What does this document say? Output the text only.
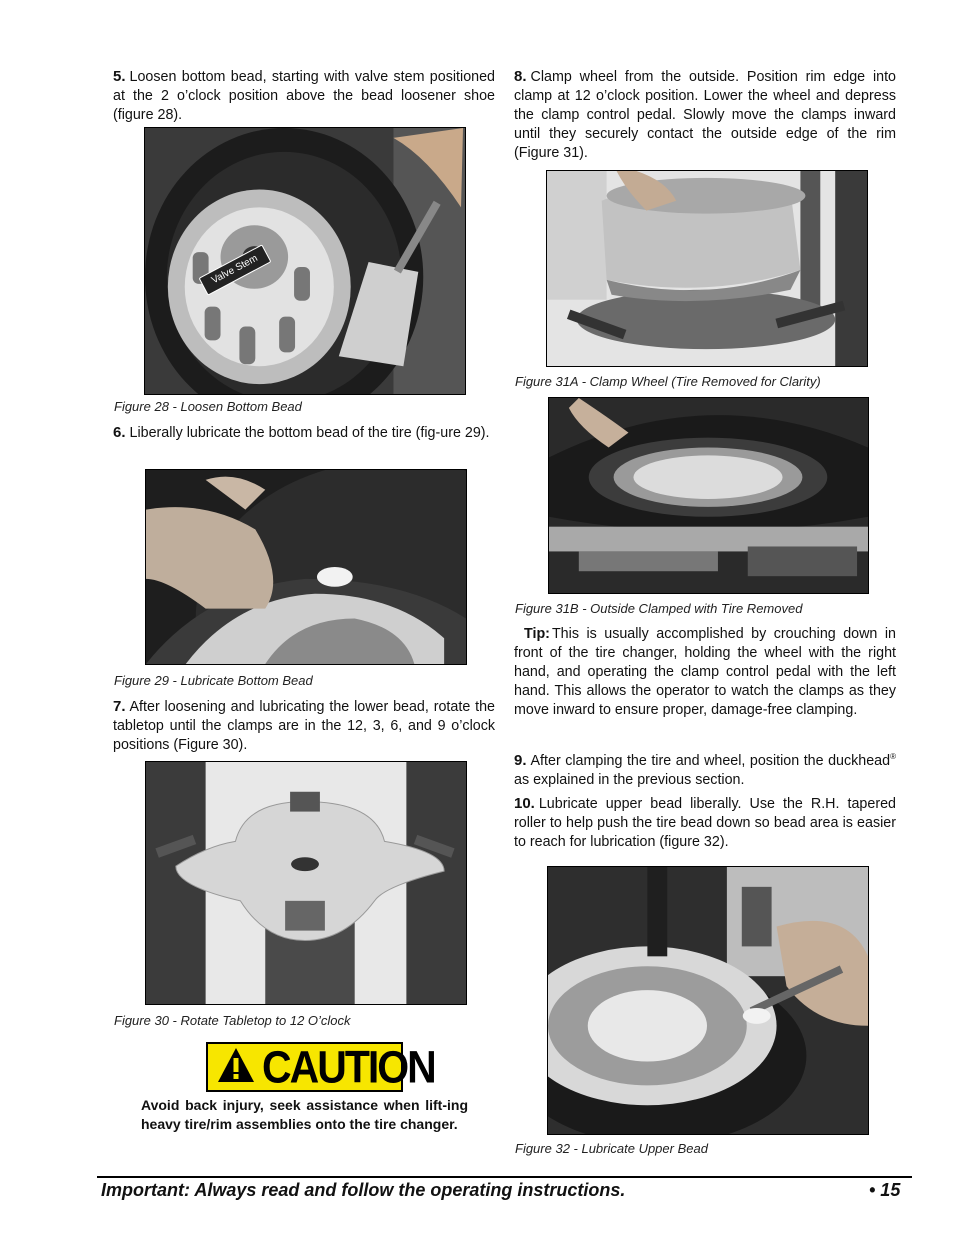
5. Loosen bottom bead, starting with valve stem positioned at the 2 o’clock position above the bead loosener shoe (figure 28).

Valve Stem
Figure 28 - Loosen Bottom Bead

6. Liberally lubricate the bottom bead of the tire (fig-ure 29).

Figure 29 - Lubricate Bottom Bead

7. After loosening and lubricating the lower bead, rotate the tabletop until the clamps are in the 12, 3, 6, and 9 o’clock positions (Figure 30).

Figure 30 - Rotate Tabletop to 12 O’clock
CAUTION

Avoid back injury, seek assistance when lift-ing heavy tire/rim assemblies onto the tire changer.

8. Clamp wheel from the outside. Position rim edge into clamp at 12 o’clock position. Lower the wheel and depress the clamp control pedal. Slowly move the clamps inward until they securely contact the outside edge of the rim (Figure 31).

Figure 31A - Clamp Wheel (Tire Removed for Clarity)
Figure 31B - Outside Clamped with Tire Removed

Tip: This is usually accomplished by crouching down in front of the tire changer, holding the wheel with the right hand, and operating the clamp control pedal with the left hand. This allows the operator to watch the clamps as they move inward to ensure proper, damage-free clamping.

9. After clamping the tire and wheel, position the duckhead® as explained in the previous section.

10. Lubricate upper bead liberally. Use the R.H. tapered roller to help push the tire bead down so bead area is easier to reach for lubrication (figure 32).

Figure 32 - Lubricate Upper Bead
Important: Always read and follow the operating instructions.	• 15
